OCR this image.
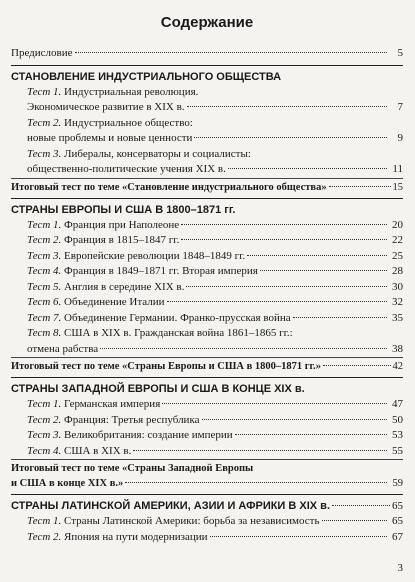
Содержание
Предисловие	5
СТАНОВЛЕНИЕ ИНДУСТРИАЛЬНОГО ОБЩЕСТВА
Тест 1. Индустриальная революция.
Экономическое развитие в XIX в.	7
Тест 2. Индустриальное общество:
новые проблемы и новые ценности	9
Тест 3. Либералы, консерваторы и социалисты:
общественно-политические учения XIX в.	11
Итоговый тест по теме «Становление индустриального общества»	15
СТРАНЫ ЕВРОПЫ И США В 1800–1871 гг.
Тест 1. Франция при Наполеоне	20
Тест 2. Франция в 1815–1847 гг.	22
Тест 3. Европейские революции 1848–1849 гг.	25
Тест 4. Франция в 1849–1871 гг. Вторая империя	28
Тест 5. Англия в середине XIX в.	30
Тест 6. Объединение Италии	32
Тест 7. Объединение Германии. Франко-прусская война	35
Тест 8. США в XIX в. Гражданская война 1861–1865 гг.:
отмена рабства	38
Итоговый тест по теме «Страны Европы и США в 1800–1871 гг.»	42
СТРАНЫ ЗАПАДНОЙ ЕВРОПЫ И США В КОНЦЕ XIX в.
Тест 1. Германская империя	47
Тест 2. Франция: Третья республика	50
Тест 3. Великобритания: создание империи	53
Тест 4. США в XIX в.	55
Итоговый тест по теме «Страны Западной Европы
и США в конце XIX в.»	59
СТРАНЫ ЛАТИНСКОЙ АМЕРИКИ, АЗИИ И АФРИКИ В XIX в.	65
Тест 1. Страны Латинской Америки: борьба за независимость	65
Тест 2. Япония на пути модернизации	67
3
